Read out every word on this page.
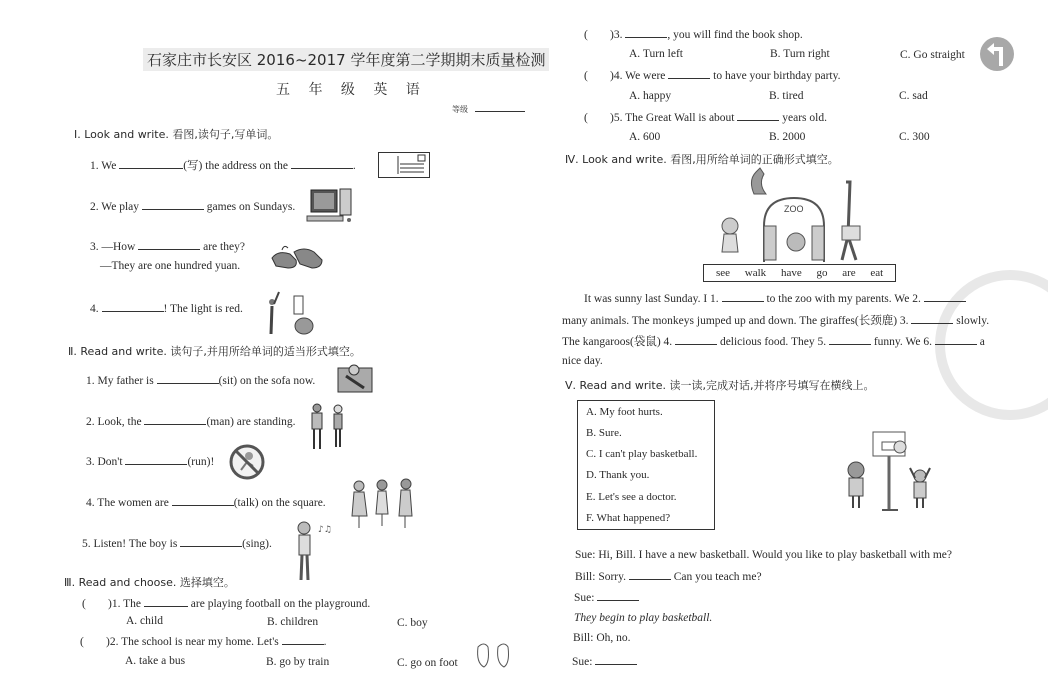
石家庄市长安区 2016~2017 学年度第二学期期末质量检测
五 年 级 英 语
等级
Ⅰ. Look and write. 看图,读句子,写单词。
1. We	(写) the address on the	.
2. We play	games on Sundays.
3. —How	are they?
—They are one hundred yuan.
4.	! The light is red.
Ⅱ. Read and write. 读句子,并用所给单词的适当形式填空。
1. My father is	(sit) on the sofa now.
2. Look, the	(man) are standing.
3. Don't	(run)!
4. The women are	(talk) on the square.
5. Listen! The boy is	(sing).
♪♫
Ⅲ. Read and choose. 选择填空。
( )1. The	are playing football on the playground.
A. child	B. children	C. boy
( )2. The school is near my home. Let's	.
A. take a bus	B. go by train	C. go on foot
( )3.	, you will find the book shop.
A. Turn left	B. Turn right	C. Go straight
( )4. We were	to have your birthday party.
A. happy	B. tired	C. sad
( )5. The Great Wall is about	years old.
A. 600	B. 2000	C. 300
Ⅳ. Look and write. 看图,用所给单词的正确形式填空。
ZOO
see walk have go are eat
It was sunny last Sunday. I 1.	to the zoo with my parents. We 2.
many animals. The monkeys jumped up and down. The giraffes(长颈鹿) 3.	slowly.
The kangaroos(袋鼠) 4.	delicious food. They 5.	funny. We 6.	a
nice day.
Ⅴ. Read and write. 读一读,完成对话,并将序号填写在横线上。
A. My foot hurts.
B. Sure.
C. I can't play basketball.
D. Thank you.
E. Let's see a doctor.
F. What happened?
Sue: Hi, Bill. I have a new basketball. Would you like to play basketball with me?
Bill: Sorry.	Can you teach me?
Sue:
They begin to play basketball.
Bill: Oh, no.
Sue:
